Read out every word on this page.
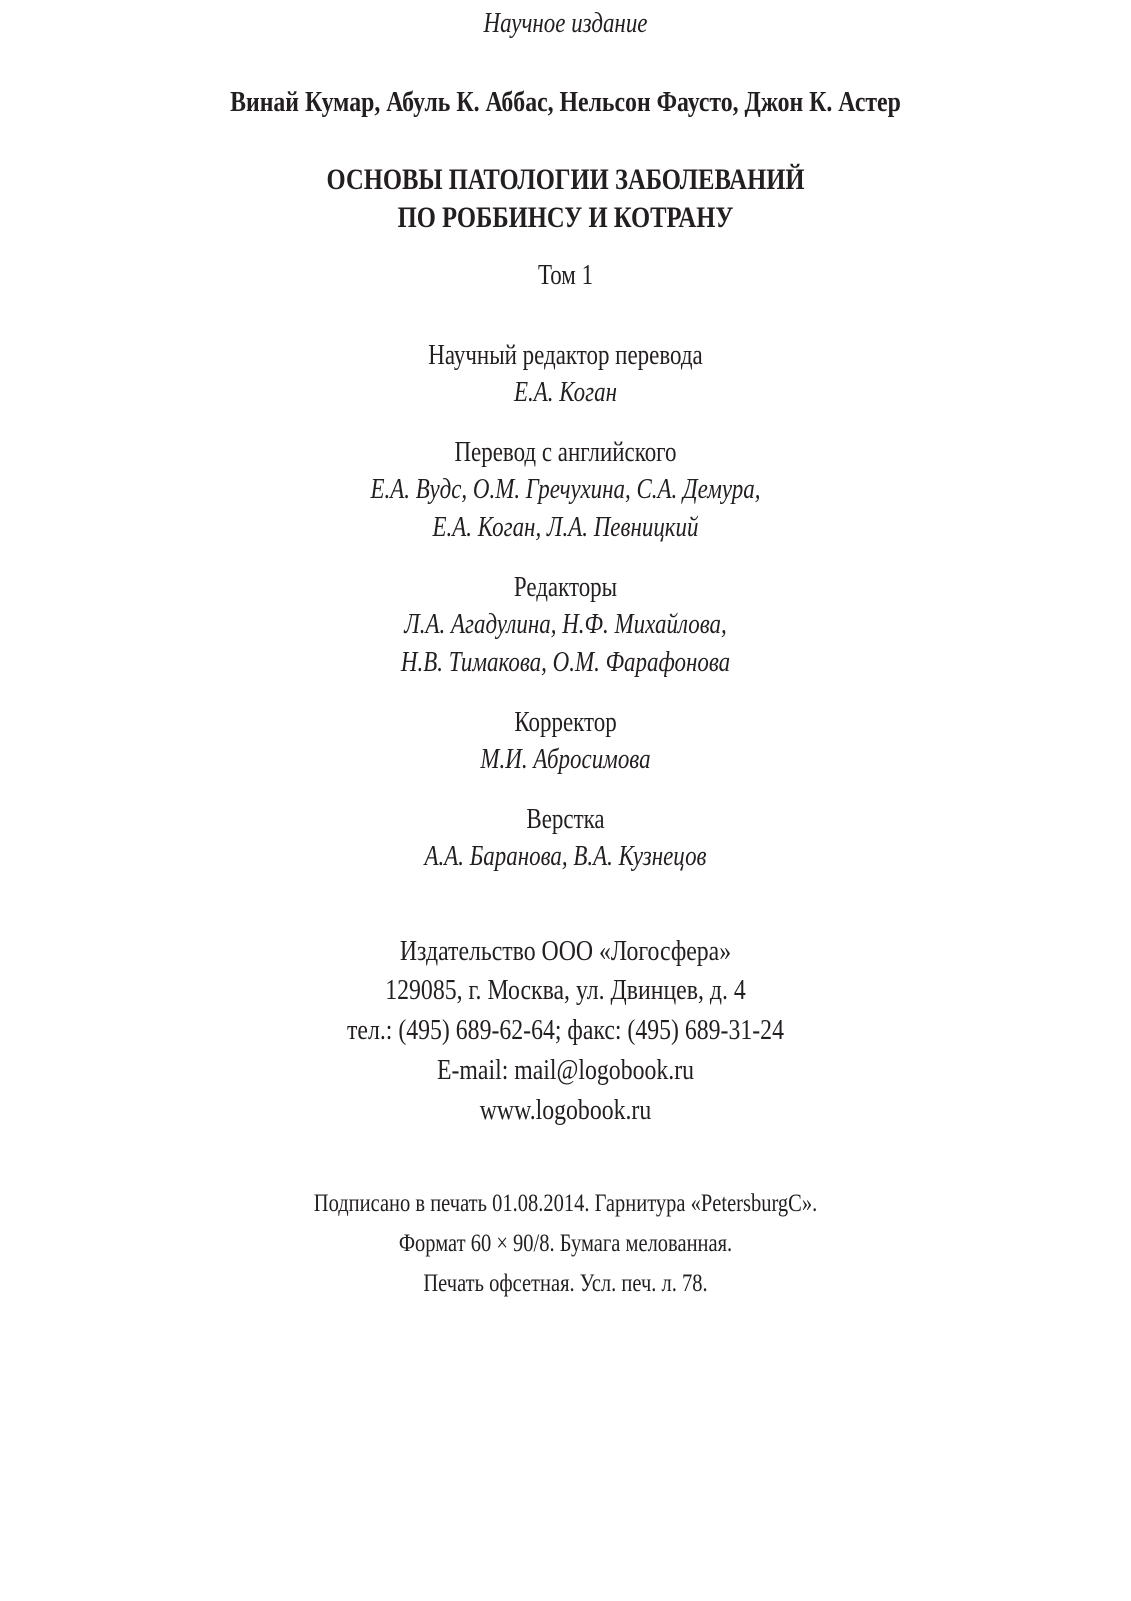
Научное издание
Винай Кумар, Абуль К. Аббас, Нельсон Фаусто, Джон К. Астер
ОСНОВЫ ПАТОЛОГИИ ЗАБОЛЕВАНИЙ
ПО РОББИНСУ И КОТРАНУ
Том 1
Научный редактор перевода
Е.А. Коган
Перевод с английского
Е.А. Вудс, О.М. Гречухина, С.А. Демура,
Е.А. Коган, Л.А. Певницкий
Редакторы
Л.А. Агадулина, Н.Ф. Михайлова,
Н.В. Тимакова, О.М. Фарафонова
Корректор
М.И. Абросимова
Верстка
А.А. Баранова, В.А. Кузнецов
Издательство ООО «Логосфера»
129085, г. Москва, ул. Двинцев, д. 4
тел.: (495) 689-62-64; факс: (495) 689-31-24
E-mail: mail@logobook.ru
www.logobook.ru
Подписано в печать 01.08.2014. Гарнитура «PetersburgC».
Формат 60 × 90/8. Бумага мелованная.
Печать офсетная. Усл. печ. л. 78.
